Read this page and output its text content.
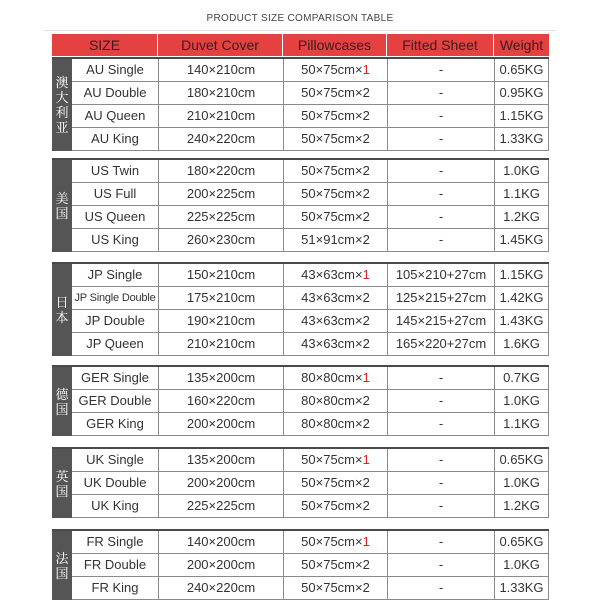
PRODUCT SIZE COMPARISON TABLE
SIZE	Duvet Cover	Pillowcases	Fitted Sheet	Weight
澳
大
利
亚
AU Single	140×210cm	50×75cm×1	-	0.65KG
AU Double	180×210cm	50×75cm×2	-	0.95KG
AU Queen	210×210cm	50×75cm×2	-	1.15KG
AU King	240×220cm	50×75cm×2	-	1.33KG
美
国
US Twin	180×220cm	50×75cm×2	-	1.0KG
US Full	200×225cm	50×75cm×2	-	1.1KG
US Queen	225×225cm	50×75cm×2	-	1.2KG
US King	260×230cm	51×91cm×2	-	1.45KG
日
本
JP Single	150×210cm	43×63cm×1	105×210+27cm	1.15KG
JP Single Double	175×210cm	43×63cm×2	125×215+27cm	1.42KG
JP Double	190×210cm	43×63cm×2	145×215+27cm	1.43KG
JP Queen	210×210cm	43×63cm×2	165×220+27cm	1.6KG
德
国
GER Single	135×200cm	80×80cm×1	-	0.7KG
GER Double	160×220cm	80×80cm×2	-	1.0KG
GER King	200×200cm	80×80cm×2	-	1.1KG
英
国
UK Single	135×200cm	50×75cm×1	-	0.65KG
UK Double	200×200cm	50×75cm×2	-	1.0KG
UK King	225×225cm	50×75cm×2	-	1.2KG
法
国
FR Single	140×200cm	50×75cm×1	-	0.65KG
FR Double	200×200cm	50×75cm×2	-	1.0KG
FR King	240×220cm	50×75cm×2	-	1.33KG
